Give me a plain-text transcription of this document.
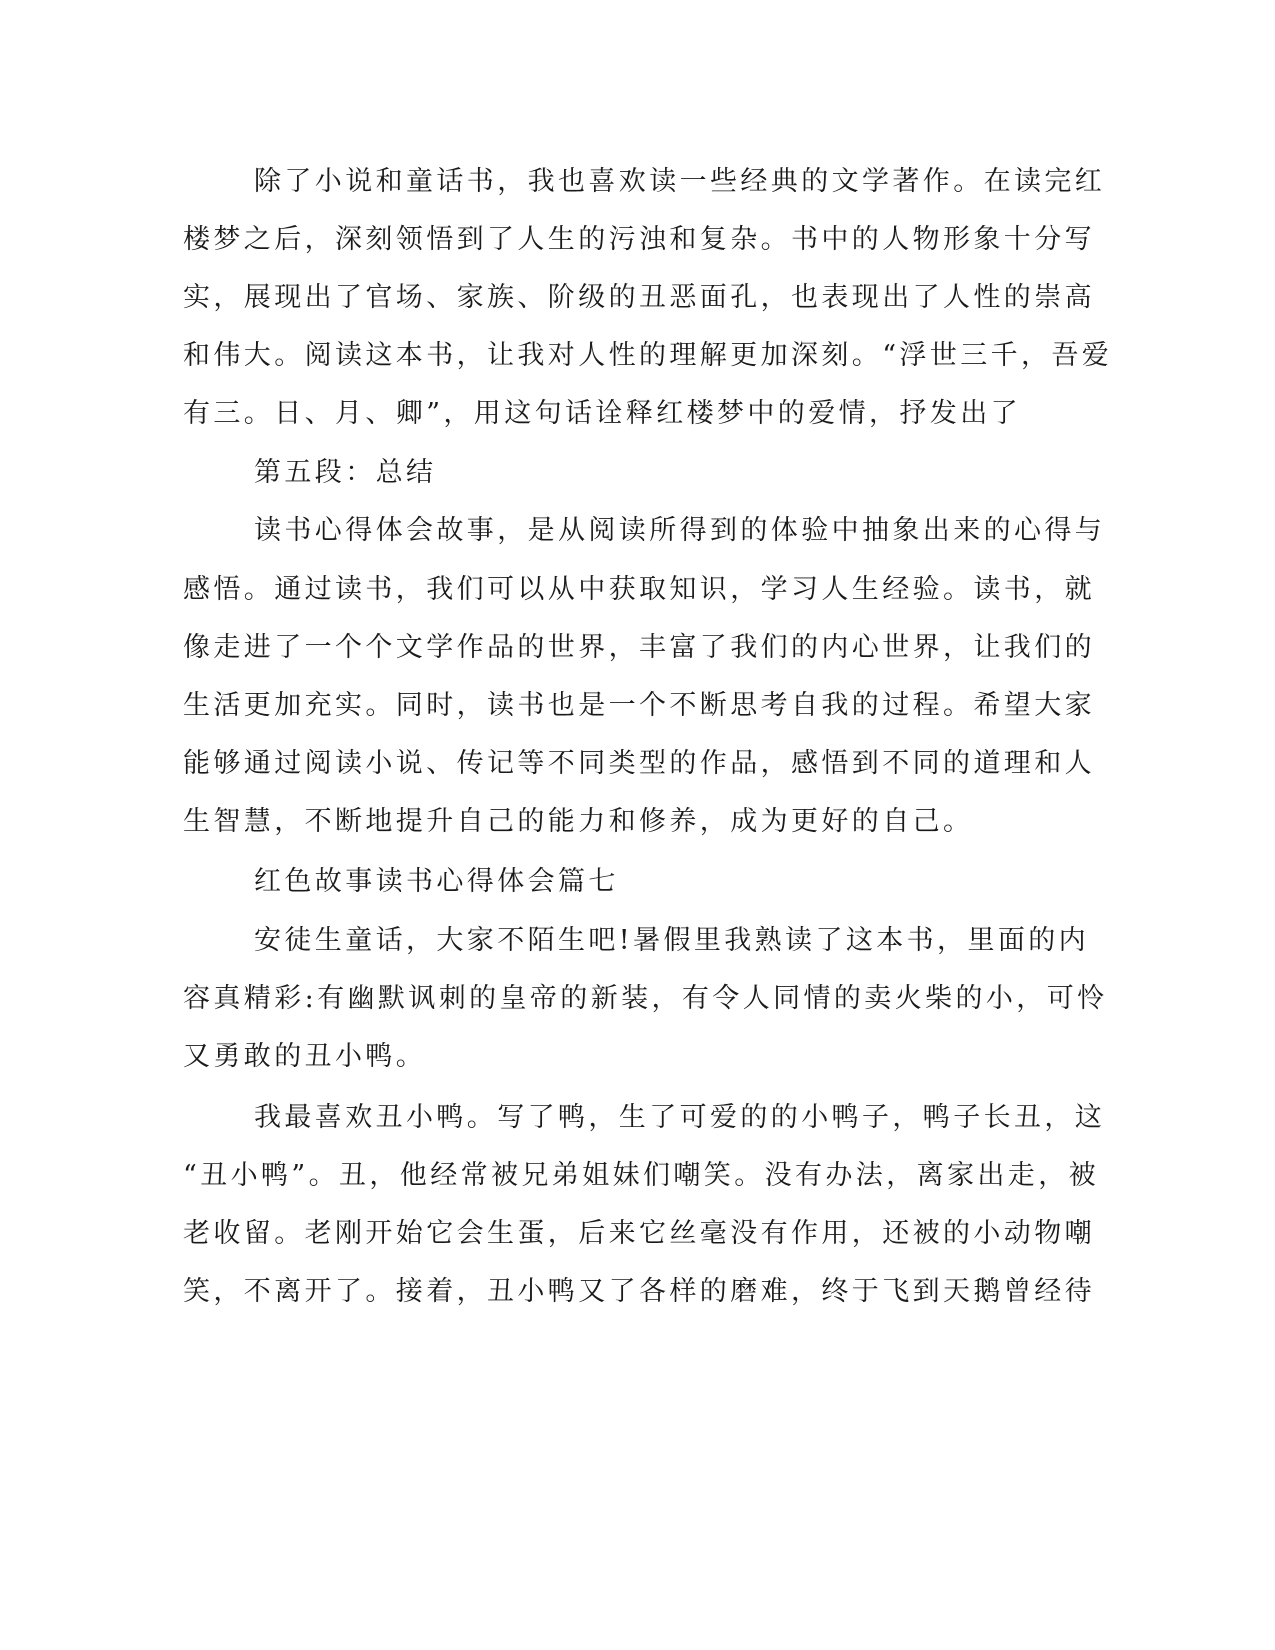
除了小说和童话书，我也喜欢读一些经典的文学著作。在读完红
楼梦之后，深刻领悟到了人生的污浊和复杂。书中的人物形象十分写
实，展现出了官场、家族、阶级的丑恶面孔，也表现出了人性的崇高
和伟大。阅读这本书，让我对人性的理解更加深刻。“浮世三千，吾爱
有三。日、月、卿”，用这句话诠释红楼梦中的爱情，抒发出了
第五段：总结
读书心得体会故事，是从阅读所得到的体验中抽象出来的心得与
感悟。通过读书，我们可以从中获取知识，学习人生经验。读书，就
像走进了一个个文学作品的世界，丰富了我们的内心世界，让我们的
生活更加充实。同时，读书也是一个不断思考自我的过程。希望大家
能够通过阅读小说、传记等不同类型的作品，感悟到不同的道理和人
生智慧，不断地提升自己的能力和修养，成为更好的自己。
红色故事读书心得体会篇七
安徒生童话，大家不陌生吧!暑假里我熟读了这本书，里面的内
容真精彩:有幽默讽刺的皇帝的新装，有令人同情的卖火柴的小，可怜
又勇敢的丑小鸭。
我最喜欢丑小鸭。写了鸭，生了可爱的的小鸭子，鸭子长丑，这
“丑小鸭”。丑，他经常被兄弟姐妹们嘲笑。没有办法，离家出走，被
老收留。老刚开始它会生蛋，后来它丝毫没有作用，还被的小动物嘲
笑，不离开了。接着，丑小鸭又了各样的磨难，终于飞到天鹅曾经待
